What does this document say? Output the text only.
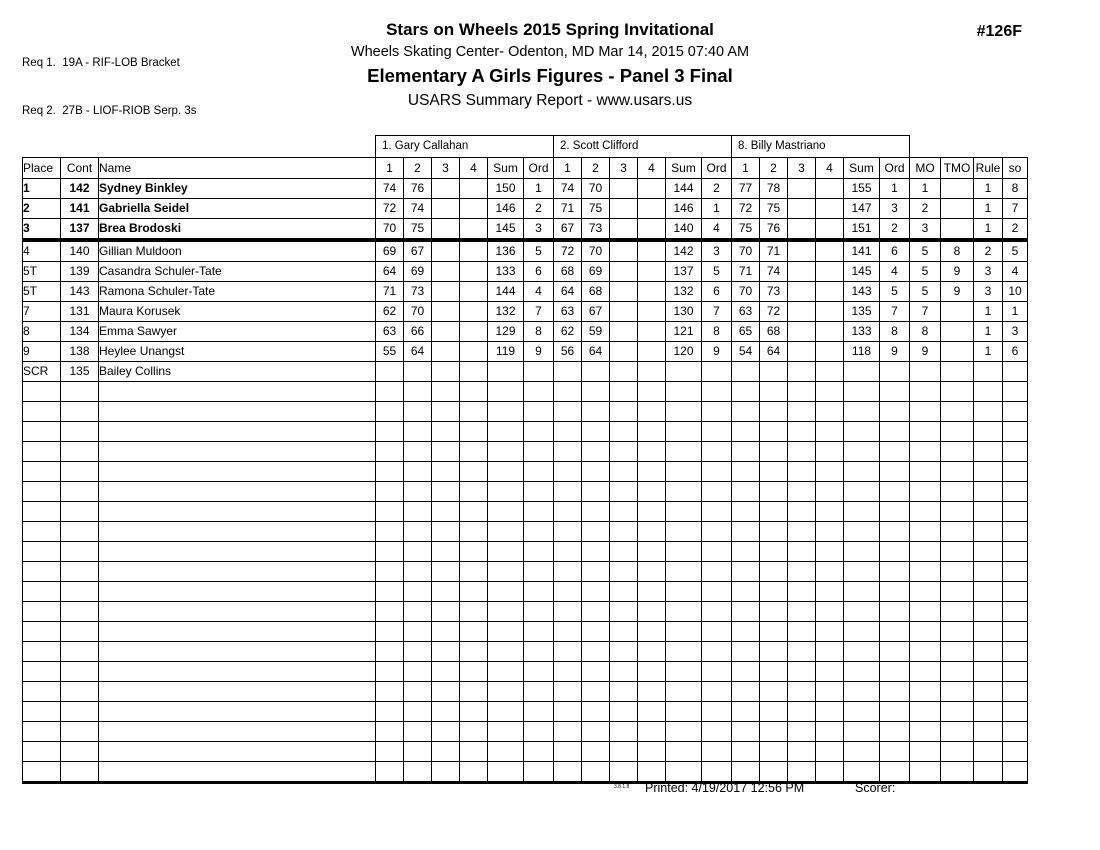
Req 1.  19A - RIF-LOB Bracket

Req 2.  27B - LIOF-RIOB Serp. 3s

Stars on Wheels 2015 Spring Invitational
Wheels Skating Center- Odenton, MD Mar 14, 2015 07:40 AM
Elementary A Girls Figures - Panel 3 Final
USARS Summary Report - www.usars.us
#126F
			1. Gary Callahan						2. Scott Clifford						8. Billy Mastriano									
Place	Cont	Name	1	2	3	4	Sum	Ord	1	2	3	4	Sum	Ord	1	2	3	4	Sum	Ord	MO	TMO	Rule	so
1	142	Sydney Binkley	74	76			150	1	74	70			144	2	77	78			155	1	1		1	8
2	141	Gabriella Seidel	72	74			146	2	71	75			146	1	72	75			147	3	2		1	7
3	137	Brea Brodoski	70	75			145	3	67	73			140	4	75	76			151	2	3		1	2
4	140	Gillian Muldoon	69	67			136	5	72	70			142	3	70	71			141	6	5	8	2	5
5T	139	Casandra Schuler-Tate	64	69			133	6	68	69			137	5	71	74			145	4	5	9	3	4
5T	143	Ramona Schuler-Tate	71	73			144	4	64	68			132	6	70	73			143	5	5	9	3	10
7	131	Maura Korusek	62	70			132	7	63	67			130	7	63	72			135	7	7		1	1
8	134	Emma Sawyer	63	66			129	8	62	59			121	8	65	68			133	8	8		1	3
9	138	Heylee Unangst	55	64			119	9	56	64			120	9	54	64			118	9	9		1	6
SCR	135	Bailey Collins																						

3.8.1.8 Printed: 4/19/2017 12:56 PM	Scorer:
